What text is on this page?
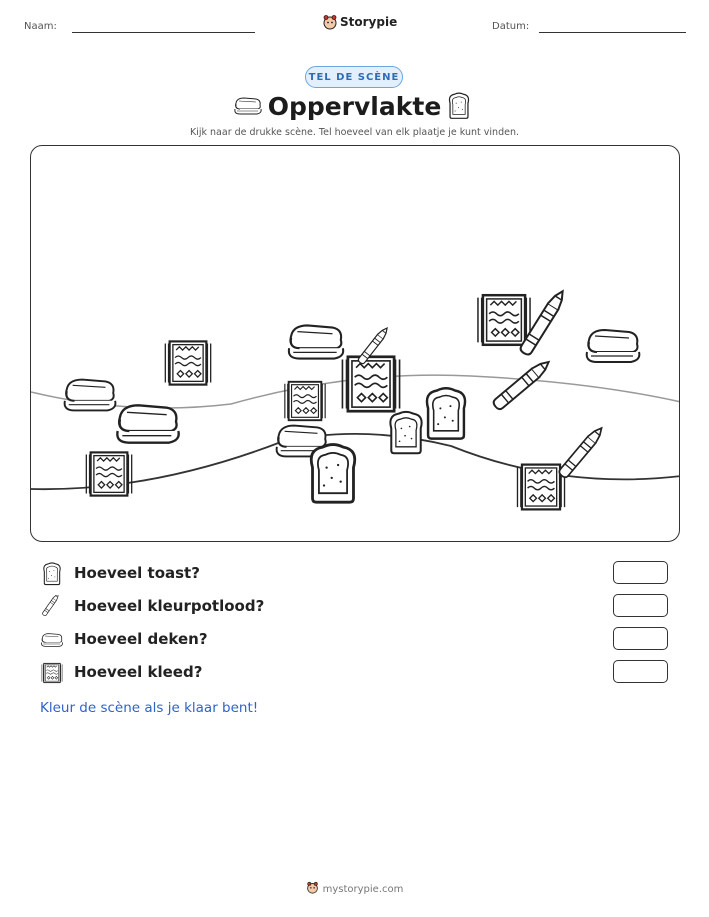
Naam:	Storypie	Datum:
TEL DE SCÈNE
Oppervlakte
Kijk naar de drukke scène. Tel hoeveel van elk plaatje je kunt vinden.
Hoeveel toast?
Hoeveel kleurpotlood?
Hoeveel deken?
Hoeveel kleed?
Kleur de scène als je klaar bent!
mystorypie.com
